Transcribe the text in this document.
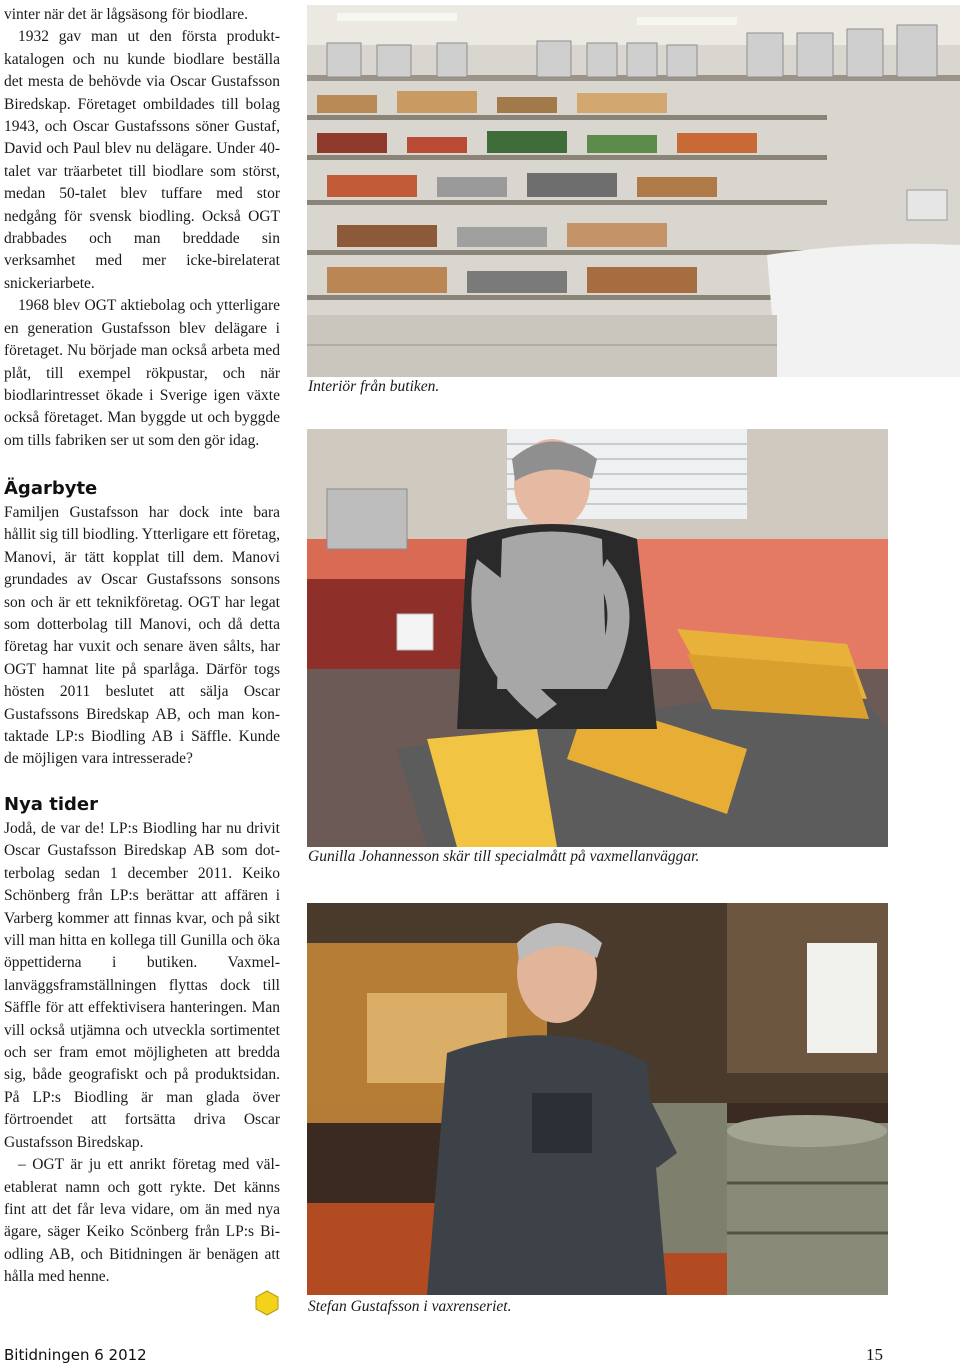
vinter när det är lågsäsong för biodlare.

1932 gav man ut den första produktkatalogen och nu kunde biodlare beställa det mesta de behövde via Oscar Gustafsson Biredskap. Företaget ombildades till bolag 1943, och Oscar Gustafssons söner Gustaf, David och Paul blev nu delägare. Under 40-talet var träarbetet till biodlare som störst, medan 50-talet blev tuffare med stor nedgång för svensk biodling. Också OGT drabbades och man breddade sin verksamhet med mer icke-birelaterat snickeriarbete.

1968 blev OGT aktiebolag och ytterligare en generation Gustafsson blev delägare i företaget. Nu började man också arbeta med plåt, till exempel rökpustar, och när biodlarintresset ökade i Sverige igen växte också företaget. Man byggde ut och byggde om tills fabriken ser ut som den gör idag.

Ägarbyte

Familjen Gustafsson har dock inte bara hållit sig till biodling. Ytterligare ett företag, Manovi, är tätt kopplat till dem. Manovi grundades av Oscar Gustafssons sonsons son och är ett teknikföretag. OGT har legat som dotterbolag till Manovi, och då detta företag har vuxit och senare även sålts, har OGT hamnat lite på sparlåga. Därför togs hösten 2011 beslutet att sälja Oscar Gustafssons Biredskap AB, och man kontaktade LP:s Biodling AB i Säffle. Kunde de möjligen vara intresserade?

Nya tider

Jodå, de var de! LP:s Biodling har nu drivit Oscar Gustafsson Biredskap AB som dotterbolag sedan 1 december 2011. Keiko Schönberg från LP:s berättar att affären i Varberg kommer att finnas kvar, och på sikt vill man hitta en kollega till Gunilla och öka öppettiderna i butiken. Vaxmellanväggsframställningen flyttas dock till Säffle för att effektivisera hanteringen. Man vill också utjämna och utveckla sortimentet och ser fram emot möjligheten att bredda sig, både geografiskt och på produktsidan. På LP:s Biodling är man glada över förtroendet att fortsätta driva Oscar Gustafsson Biredskap.

– OGT är ju ett anrikt företag med väletablerat namn och gott rykte. Det känns fint att det får leva vidare, om än med nya ägare, säger Keiko Scönberg från LP:s Biodling AB, och Bitidningen är benägen att hålla med henne.

Interiör från butiken.
Gunilla Johannesson skär till specialmått på vaxmellanväggar.
Stefan Gustafsson i vaxrenseriet.
Bitidningen 6 2012	15
